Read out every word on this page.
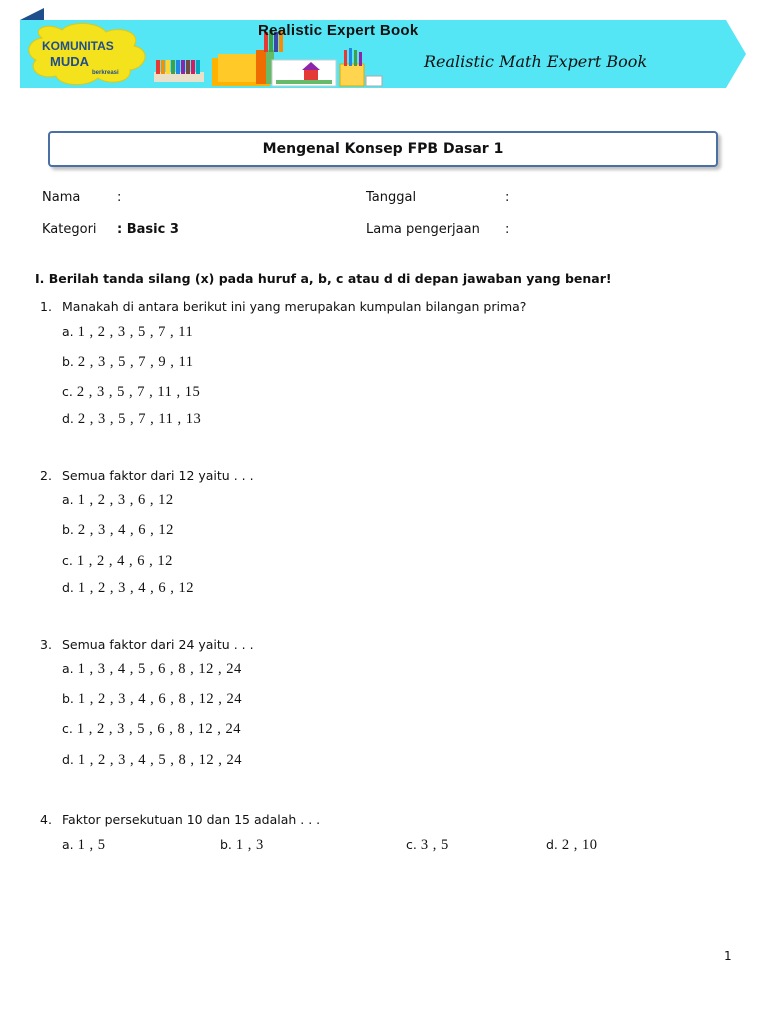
KOMUNITAS
MUDA
berkreasi
Realistic Expert Book
Realistic Math Expert Book
Mengenal Konsep FPB Dasar 1
Nama	:
Kategori : Basic 3
Tanggal	:
Lama pengerjaan :
I. Berilah tanda silang (x) pada huruf a, b, c atau d di depan jawaban yang benar!
1. Manakah di antara berikut ini yang merupakan kumpulan bilangan prima?
a. 1 , 2 , 3 , 5 , 7 , 11
b. 2 , 3 , 5 , 7 , 9 , 11
c. 2 , 3 , 5 , 7 , 11 , 15
d. 2 , 3 , 5 , 7 , 11 , 13
2. Semua faktor dari 12 yaitu . . .
a. 1 , 2 , 3 , 6 , 12
b. 2 , 3 , 4 , 6 , 12
c. 1 , 2 , 4 , 6 , 12
d. 1 , 2 , 3 , 4 , 6 , 12
3. Semua faktor dari 24 yaitu . . .
a. 1 , 3 , 4 , 5 , 6 , 8 , 12 , 24
b. 1 , 2 , 3 , 4 , 6 , 8 , 12 , 24
c. 1 , 2 , 3 , 5 , 6 , 8 , 12 , 24
d. 1 , 2 , 3 , 4 , 5 , 8 , 12 , 24
4. Faktor persekutuan 10 dan 15 adalah . . .
a. 1 , 5	b. 1 , 3	c. 3 , 5	d. 2 , 10
1
